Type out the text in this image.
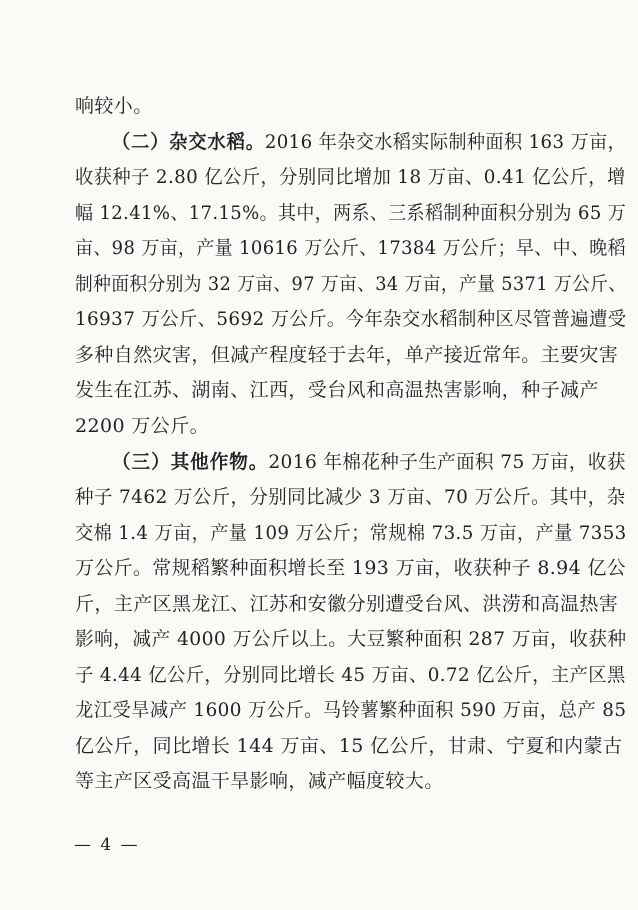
响较小。
（二）杂交水稻。2016 年杂交水稻实际制种面积 163 万亩，
收获种子 2.80 亿公斤，分别同比增加 18 万亩、0.41 亿公斤，增
幅 12.41%、17.15%。其中，两系、三系稻制种面积分别为 65 万
亩、98 万亩，产量 10616 万公斤、17384 万公斤；早、中、晚稻
制种面积分别为 32 万亩、97 万亩、34 万亩，产量 5371 万公斤、
16937 万公斤、5692 万公斤。今年杂交水稻制种区尽管普遍遭受
多种自然灾害，但减产程度轻于去年，单产接近常年。主要灾害
发生在江苏、湖南、江西，受台风和高温热害影响，种子减产
2200 万公斤。
（三）其他作物。2016 年棉花种子生产面积 75 万亩，收获
种子 7462 万公斤，分别同比减少 3 万亩、70 万公斤。其中，杂
交棉 1.4 万亩，产量 109 万公斤；常规棉 73.5 万亩，产量 7353
万公斤。常规稻繁种面积增长至 193 万亩，收获种子 8.94 亿公
斤，主产区黑龙江、江苏和安徽分别遭受台风、洪涝和高温热害
影响，减产 4000 万公斤以上。大豆繁种面积 287 万亩，收获种
子 4.44 亿公斤，分别同比增长 45 万亩、0.72 亿公斤，主产区黑
龙江受旱减产 1600 万公斤。马铃薯繁种面积 590 万亩，总产 85
亿公斤，同比增长 144 万亩、15 亿公斤，甘肃、宁夏和内蒙古
等主产区受高温干旱影响，减产幅度较大。
— 4 —
